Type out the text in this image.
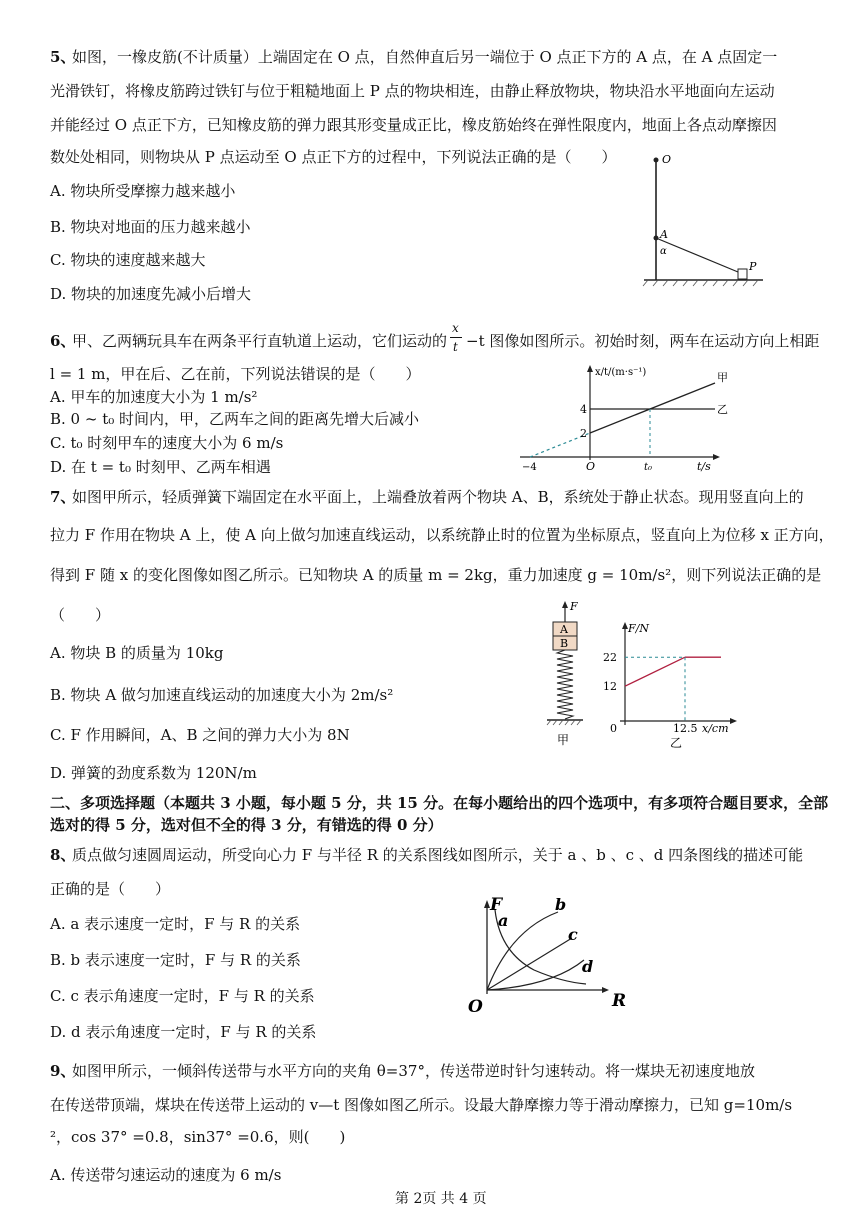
5、
如图，一橡皮筋(不计质量）上端固定在 O 点，自然伸直后另一端位于 O 点正下方的 A 点，在 A 点固定一
光滑铁钉，将橡皮筋跨过铁钉与位于粗糙地面上 P 点的物块相连，由静止释放物块，物块沿水平地面向左运动
并能经过 O 点正下方，已知橡皮筋的弹力跟其形变量成正比，橡皮筋始终在弹性限度内，地面上各点动摩擦因
数处处相同，则物块从 P 点运动至 O 点正下方的过程中，下列说法正确的是（　　）
A. 物块所受摩擦力越来越小
B. 物块对地面的压力越来越小
C. 物块的速度越来越大
D. 物块的加速度先减小后增大
O
A
α
P
6、
甲、乙两辆玩具车在两条平行直轨道上运动，它们运动的
x
t −t 图像如图所示。初始时刻，两车在运动方向上相距
l = 1 m，甲在后、乙在前，下列说法错误的是（　　）
A. 甲车的加速度大小为 1 m/s²
B. 0 ~ t₀ 时间内，甲，乙两车之间的距离先增大后减小
C. t₀ 时刻甲车的速度大小为 6 m/s
D. 在 t = t₀ 时刻甲、乙两车相遇
x/t/(m·s⁻¹)
t/s
甲
乙
2
4
−4	O	t₀
7、
如图甲所示，轻质弹簧下端固定在水平面上，上端叠放着两个物块 A、B，系统处于静止状态。现用竖直向上的
拉力 F 作用在物块 A 上，使 A 向上做匀加速直线运动，以系统静止时的位置为坐标原点，竖直向上为位移 x 正方向，
得到 F 随 x 的变化图像如图乙所示。已知物块 A 的质量 m = 2kg，重力加速度 g = 10m/s²，则下列说法正确的是
（　　）
A. 物块 B 的质量为 10kg
B. 物块 A 做匀加速直线运动的加速度大小为 2m/s²
C. F 作用瞬间，A、B 之间的弹力大小为 8N
D. 弹簧的劲度系数为 120N/m
F
A
B
甲
F/N
x/cm
乙
22
12
0	12.5
二、多项选择题（本题共 3 小题，每小题 5 分，共 15 分。在每小题给出的四个选项中，有多项符合题目要求，全部
选对的得 5 分，选对但不全的得 3 分，有错选的得 0 分）
8、
质点做匀速圆周运动，所受向心力 F 与半径 R 的关系图线如图所示，关于 a 、b 、c 、d 四条图线的描述可能
正确的是（　　）
A. a 表示速度一定时，F 与 R 的关系
B. b 表示速度一定时，F 与 R 的关系
C. c 表示角速度一定时，F 与 R 的关系
D. d 表示角速度一定时，F 与 R 的关系
F
O	R
a
b
c
d
9、
如图甲所示，一倾斜传送带与水平方向的夹角 θ=37°，传送带逆时针匀速转动。将一煤块无初速度地放
在传送带顶端，煤块在传送带上运动的 v—t 图像如图乙所示。设最大静摩擦力等于滑动摩擦力，已知 g=10m/s
²，cos 37° =0.8，sin37° =0.6，则(　　)
A. 传送带匀速运动的速度为 6 m/s
第 2页 共 4 页
